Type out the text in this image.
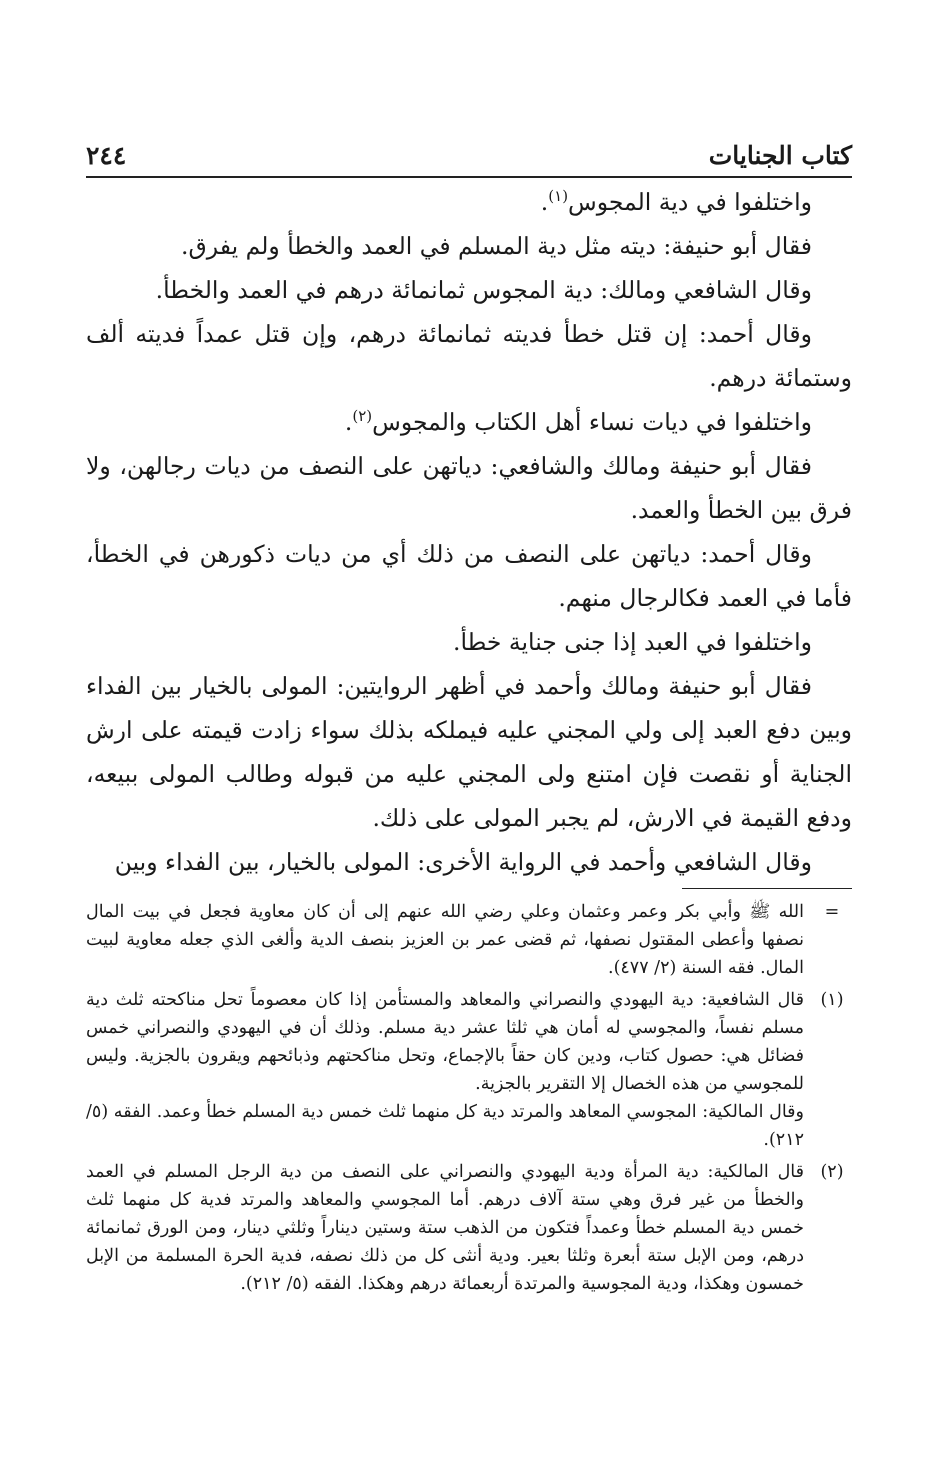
كتاب الجنايات
٢٤٤

واختلفوا في دية المجوس$^{(١)}$.

فقال أبو حنيفة: ديته مثل دية المسلم في العمد والخطأ ولم يفرق.

وقال الشافعي ومالك: دية المجوس ثمانمائة درهم في العمد والخطأ.

وقال أحمد: إن قتل خطأ فديته ثمانمائة درهم، وإن قتل عمداً فديته ألف وستمائة درهم.

واختلفوا في ديات نساء أهل الكتاب والمجوس$^{(٢)}$.

فقال أبو حنيفة ومالك والشافعي: دياتهن على النصف من ديات رجالهن، ولا فرق بين الخطأ والعمد.

وقال أحمد: دياتهن على النصف من ذلك أي من ديات ذكورهن في الخطأ، فأما في العمد فكالرجال منهم.

واختلفوا في العبد إذا جنى جناية خطأ.

فقال أبو حنيفة ومالك وأحمد في أظهر الروايتين: المولى بالخيار بين الفداء وبين دفع العبد إلى ولي المجني عليه فيملكه بذلك سواء زادت قيمته على ارش الجناية أو نقصت فإن امتنع ولى المجني عليه من قبوله وطالب المولى ببيعه، ودفع القيمة في الارش، لم يجبر المولى على ذلك.

وقال الشافعي وأحمد في الرواية الأخرى: المولى بالخيار، بين الفداء وبين

=

الله ﷺ وأبي بكر وعمر وعثمان وعلي رضي الله عنهم إلى أن كان معاوية فجعل في بيت المال نصفها وأعطى المقتول نصفها، ثم قضى عمر بن العزيز بنصف الدية وألغى الذي جعله معاوية لبيت المال. فقه السنة (٢/ ٤٧٧).

(١)

قال الشافعية: دية اليهودي والنصراني والمعاهد والمستأمن إذا كان معصوماً تحل مناكحته ثلث دية مسلم نفساً، والمجوسي له أمان هي ثلثا عشر دية مسلم. وذلك أن في اليهودي والنصراني خمس فضائل هي: حصول كتاب، ودين كان حقاً بالإجماع، وتحل مناكحتهم وذبائحهم ويقرون بالجزية. وليس للمجوسي من هذه الخصال إلا التقرير بالجزية.

وقال المالكية: المجوسي المعاهد والمرتد دية كل منهما ثلث خمس دية المسلم خطأ وعمد. الفقه (٥/ ٢١٢).

(٢)

قال المالكية: دية المرأة ودية اليهودي والنصراني على النصف من دية الرجل المسلم في العمد والخطأ من غير فرق وهي ستة آلاف درهم. أما المجوسي والمعاهد والمرتد فدية كل منهما ثلث خمس دية المسلم خطأ وعمداً فتكون من الذهب ستة وستين ديناراً وثلثي دينار، ومن الورق ثمانمائة درهم، ومن الإبل ستة أبعرة وثلثا بعير. ودية أنثى كل من ذلك نصفه، فدية الحرة المسلمة من الإبل خمسون وهكذا، ودية المجوسية والمرتدة أربعمائة درهم وهكذا. الفقه (٥/ ٢١٢).
